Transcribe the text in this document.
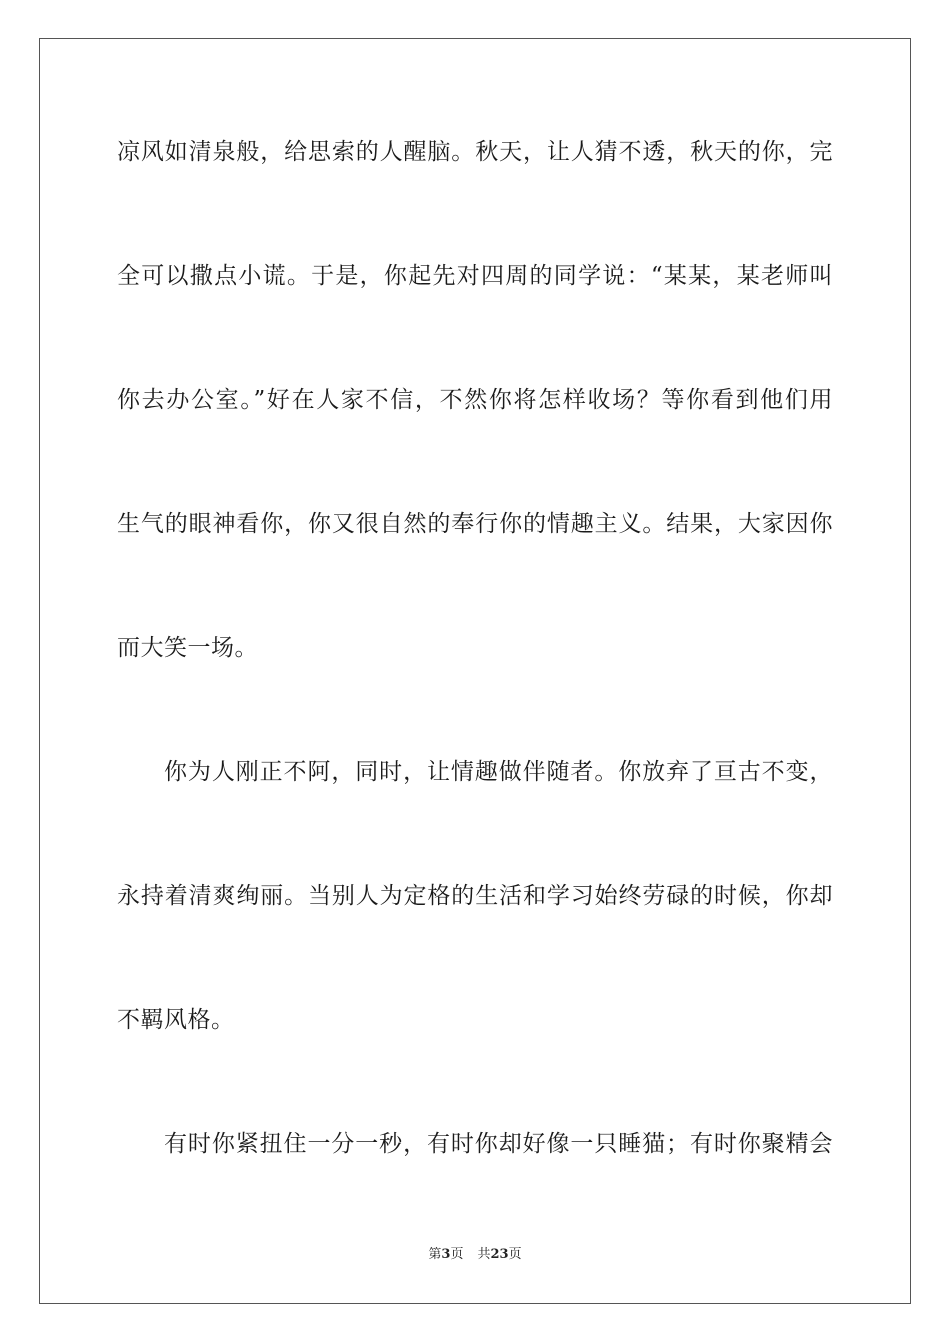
凉风如清泉般，给思索的人醒脑。秋天，让人猜不透，秋天的你，完
全可以撒点小谎。于是，你起先对四周的同学说：“某某，某老师叫
你去办公室。”好在人家不信，不然你将怎样收场？等你看到他们用
生气的眼神看你，你又很自然的奉行你的情趣主义。结果，大家因你
而大笑一场。
你为人刚正不阿，同时，让情趣做伴随者。你放弃了亘古不变，
永持着清爽绚丽。当别人为定格的生活和学习始终劳碌的时候，你却
不羁风格。
有时你紧扭住一分一秒，有时你却好像一只睡猫；有时你聚精会
第3页 共23页
